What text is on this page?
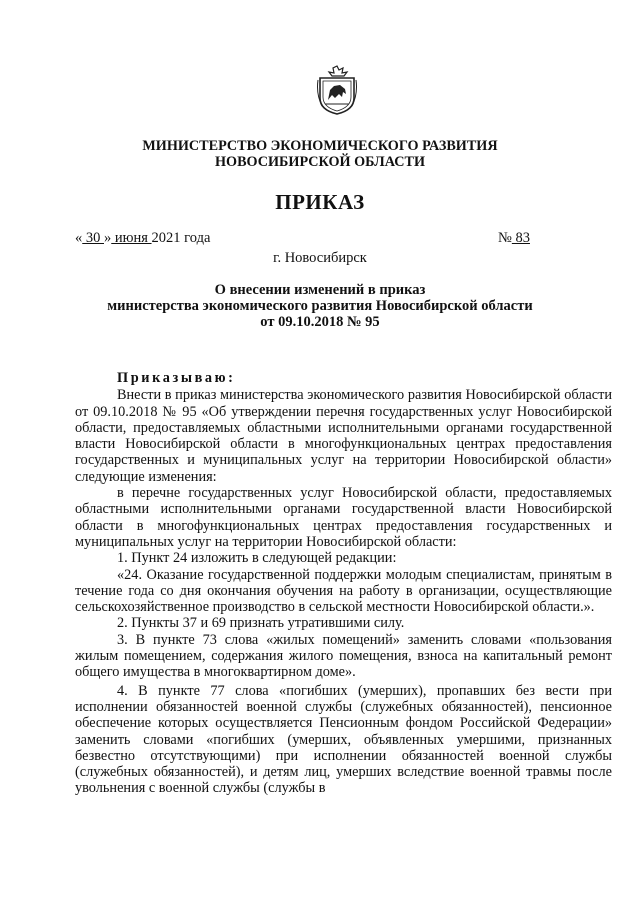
МИНИСТЕРСТВО ЭКОНОМИЧЕСКОГО РАЗВИТИЯ
НОВОСИБИРСКОЙ ОБЛАСТИ
ПРИКАЗ
« 30 » июня 2021 года	№ 83
г. Новосибирск
О внесении изменений в приказ
министерства экономического развития Новосибирской области
от 09.10.2018 № 95

Приказываю:

Внести в приказ министерства экономического развития Новосибирской области от 09.10.2018 № 95 «Об утверждении перечня государственных услуг Новосибирской области, предоставляемых областными исполнительными органами государственной власти Новосибирской области в многофункциональных центрах предоставления государственных и муниципальных услуг на территории Новосибирской области» следующие изменения:

в перечне государственных услуг Новосибирской области, предоставляемых областными исполнительными органами государственной власти Новосибирской области в многофункциональных центрах предоставления государственных и муниципальных услуг на территории Новосибирской области:

1. Пункт 24 изложить в следующей редакции:

«24. Оказание государственной поддержки молодым специалистам, принятым в течение года со дня окончания обучения на работу в организации, осуществляющие сельскохозяйственное производство в сельской местности Новосибирской области.».

2. Пункты 37 и 69 признать утратившими силу.

3. В пункте 73 слова «жилых помещений» заменить словами «пользования жилым помещением, содержания жилого помещения, взноса на капитальный ремонт общего имущества в многоквартирном доме».

4. В пункте 77 слова «погибших (умерших), пропавших без вести при исполнении обязанностей военной службы (служебных обязанностей), пенсионное обеспечение которых осуществляется Пенсионным фондом Российской Федерации» заменить словами «погибших (умерших, объявленных умершими, признанных безвестно отсутствующими) при исполнении обязанностей военной службы (служебных обязанностей), и детям лиц, умерших вследствие военной травмы после увольнения с военной службы (службы в
